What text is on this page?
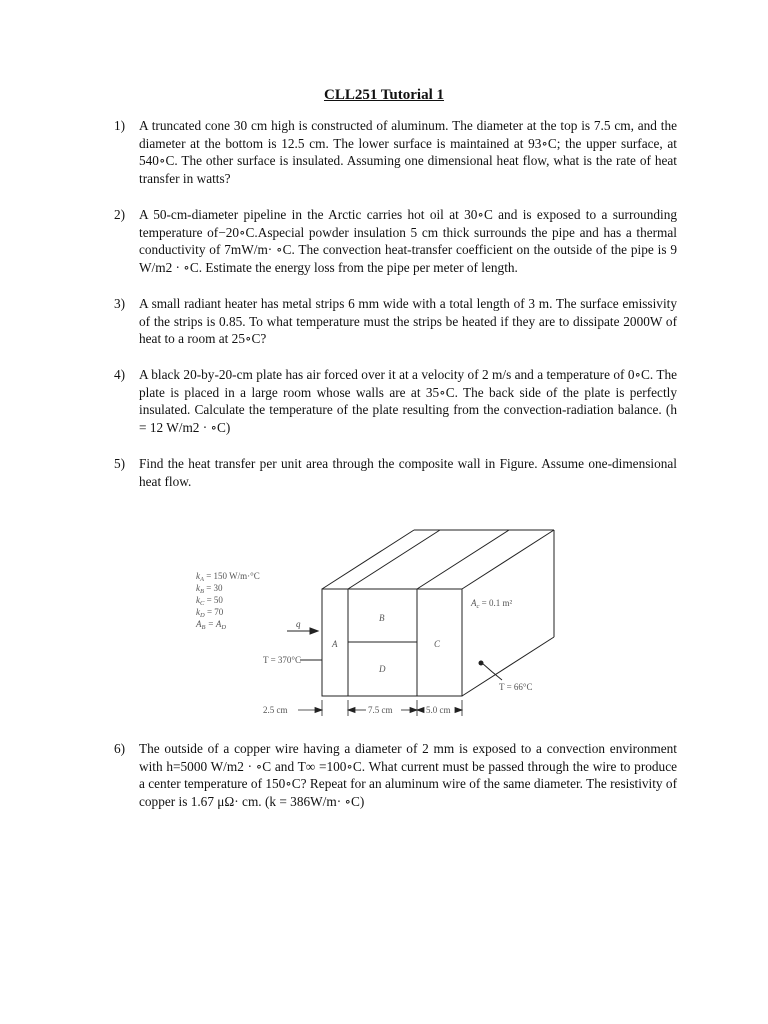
CLL251 Tutorial 1
1) A truncated cone 30 cm high is constructed of aluminum. The diameter at the top is 7.5 cm, and the diameter at the bottom is 12.5 cm. The lower surface is maintained at 93∘C; the upper surface, at 540∘C. The other surface is insulated. Assuming one dimensional heat flow, what is the rate of heat transfer in watts?
2) A 50-cm-diameter pipeline in the Arctic carries hot oil at 30∘C and is exposed to a surrounding temperature of−20∘C.Aspecial powder insulation 5 cm thick surrounds the pipe and has a thermal conductivity of 7mW/m· ∘C. The convection heat-transfer coefficient on the outside of the pipe is 9 W/m2 · ∘C. Estimate the energy loss from the pipe per meter of length.
3) A small radiant heater has metal strips 6 mm wide with a total length of 3 m. The surface emissivity of the strips is 0.85. To what temperature must the strips be heated if they are to dissipate 2000W of heat to a room at 25∘C?
4) A black 20-by-20-cm plate has air forced over it at a velocity of 2 m/s and a temperature of 0∘C. The plate is placed in a large room whose walls are at 35∘C. The back side of the plate is perfectly insulated. Calculate the temperature of the plate resulting from the convection-radiation balance. (h = 12 W/m2 · ∘C)
5) Find the heat transfer per unit area through the composite wall in Figure. Assume one-dimensional heat flow.
q
$k_A = 150$ W/m·°C
$k_B = 30$
$k_C = 50$
$k_D = 70$
$A_B = A_D$
$A_c = 0.1$ m²
T = 370°C
T = 66°C
A
B
C
D
2.5 cm	7.5 cm	5.0 cm
6) The outside of a copper wire having a diameter of 2 mm is exposed to a convection environment with h=5000 W/m2 · ∘C and T∞ =100∘C. What current must be passed through the wire to produce a center temperature of 150∘C? Repeat for an aluminum wire of the same diameter. The resistivity of copper is 1.67 μΩ· cm. (k = 386W/m· ∘C)
